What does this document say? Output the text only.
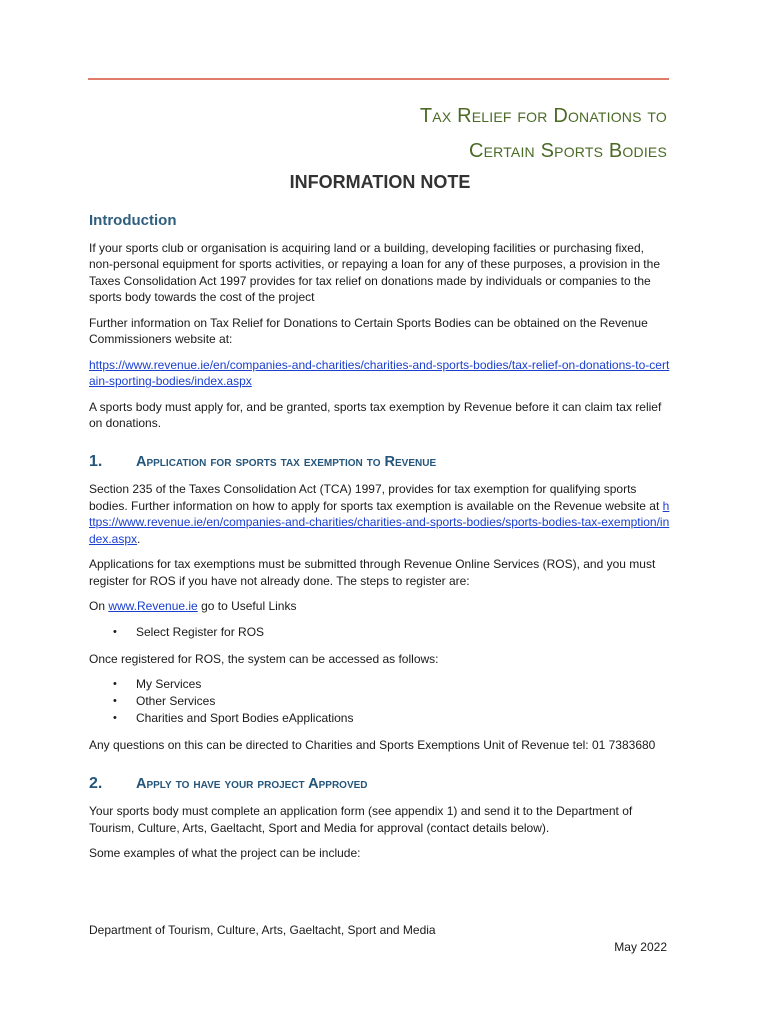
Tax Relief for Donations to
Certain Sports Bodies
INFORMATION NOTE
Introduction

If your sports club or organisation is acquiring land or a building, developing facilities or purchasing fixed, non-personal equipment for sports activities, or repaying a loan for any of these purposes, a provision in the Taxes Consolidation Act 1997 provides for tax relief on donations made by individuals or companies to the sports body towards the cost of the project

Further information on Tax Relief for Donations to Certain Sports Bodies can be obtained on the Revenue Commissioners website at:

https://www.revenue.ie/en/companies-and-charities/charities-and-sports-bodies/tax-relief-on-donations-to-certain-sporting-bodies/index.aspx

A sports body must apply for, and be granted, sports tax exemption by Revenue before it can claim tax relief on donations.

1.	Application for sports tax exemption to Revenue

Section 235 of the Taxes Consolidation Act (TCA) 1997, provides for tax exemption for qualifying sports bodies. Further information on how to apply for sports tax exemption is available on the Revenue website at https://www.revenue.ie/en/companies-and-charities/charities-and-sports-bodies/sports-bodies-tax-exemption/index.aspx.

Applications for tax exemptions must be submitted through Revenue Online Services (ROS), and you must register for ROS if you have not already done. The steps to register are:

On www.Revenue.ie go to Useful Links

• Select Register for ROS

Once registered for ROS, the system can be accessed as follows:

• My Services
• Other Services
• Charities and Sport Bodies eApplications

Any questions on this can be directed to Charities and Sports Exemptions Unit of Revenue tel: 01 7383680

2.	Apply to have your project Approved

Your sports body must complete an application form (see appendix 1) and send it to the Department of Tourism, Culture, Arts, Gaeltacht, Sport and Media for approval (contact details below).

Some examples of what the project can be include:

Department of Tourism, Culture, Arts, Gaeltacht, Sport and Media
May 2022
